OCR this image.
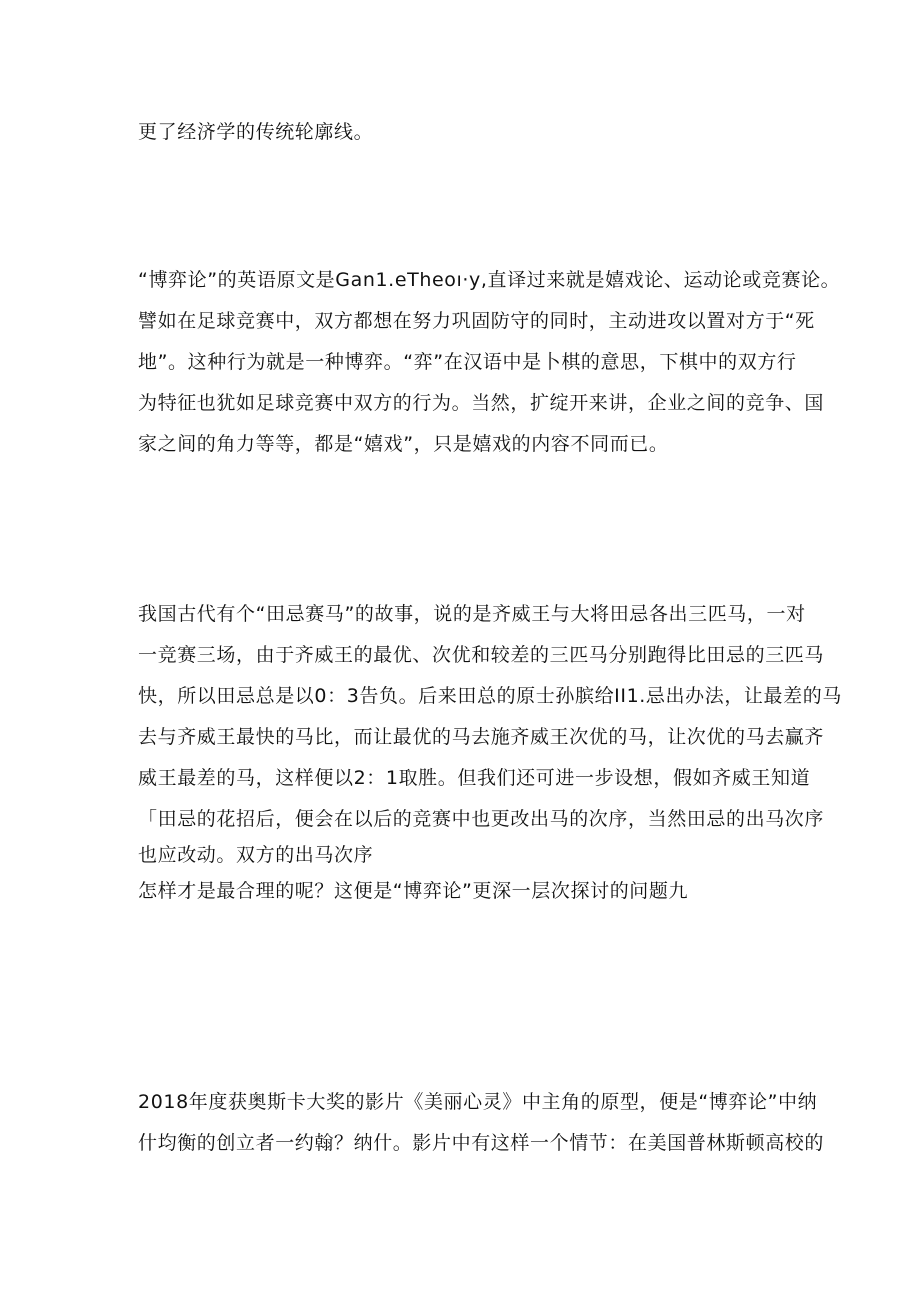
更了经济学的传统轮廓线。

“博弈论”的英语原文是Gan1.eTheoı·y,直译过来就是嬉戏论、运动论或竞赛论。
譬如在足球竞赛中，双方都想在努力巩固防守的同时，主动进攻以置对方于“死
地”。这种行为就是一种博弈。“弈”在汉语中是卜棋的意思，下棋中的双方行
为特征也犹如足球竞赛中双方的行为。当然，扩绽开来讲，企业之间的竞争、国
家之间的角力等等，都是“嬉戏”，只是嬉戏的内容不同而已。

我国古代有个“田忌赛马”的故事，说的是齐威王与大将田忌各出三匹马，一对
一竞赛三场，由于齐威王的最优、次优和较差的三匹马分别跑得比田忌的三匹马
快，所以田忌总是以0：3告负。后来田总的原士孙膑给II1.忌出办法，让最差的马
去与齐威王最快的马比，而让最优的马去施齐威王次优的马，让次优的马去赢齐
威王最差的马，这样便以2：1取胜。但我们还可进一步设想，假如齐威王知道
「田忌的花招后，便会在以后的竞赛中也更改出马的次序，当然田忌的出马次序
也应改动。双方的出马次序
怎样才是最合理的呢？这便是“博弈论”更深一层次探讨的问题九

2018年度获奥斯卡大奖的影片《美丽心灵》中主角的原型，便是“博弈论”中纳
什均衡的创立者一约翰？纳什。影片中有这样一个情节：在美国普林斯顿高校的
